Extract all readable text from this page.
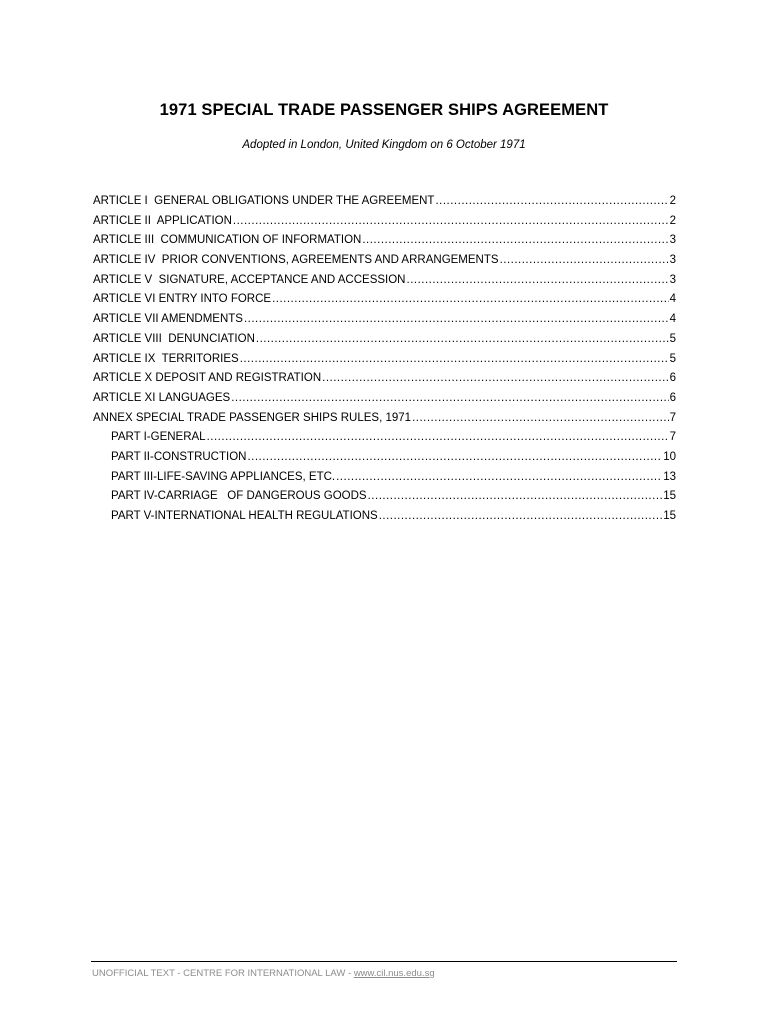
1971 SPECIAL TRADE PASSENGER SHIPS AGREEMENT
Adopted in London, United Kingdom on 6 October 1971
ARTICLE I  GENERAL OBLIGATIONS UNDER THE AGREEMENT .....	2
ARTICLE II  APPLICATION .....	2
ARTICLE III  COMMUNICATION OF INFORMATION .....	3
ARTICLE IV  PRIOR CONVENTIONS, AGREEMENTS AND ARRANGEMENTS .....	3
ARTICLE V  SIGNATURE, ACCEPTANCE AND ACCESSION .....	3
ARTICLE VI ENTRY INTO FORCE .....	4
ARTICLE VII AMENDMENTS .....	4
ARTICLE VIII  DENUNCIATION .....	5
ARTICLE IX  TERRITORIES .....	5
ARTICLE X DEPOSIT AND REGISTRATION .....	6
ARTICLE XI LANGUAGES .....	6
ANNEX SPECIAL TRADE PASSENGER SHIPS RULES, 1971 .....	7
PART I-GENERAL .....	7
PART II-CONSTRUCTION .....	10
PART III-LIFE-SAVING APPLIANCES, ETC. .....	13
PART IV-CARRIAGE   OF DANGEROUS GOODS .....	15
PART V-INTERNATIONAL HEALTH REGULATIONS .....	15
UNOFFICIAL TEXT - CENTRE FOR INTERNATIONAL LAW - www.cil.nus.edu.sg
